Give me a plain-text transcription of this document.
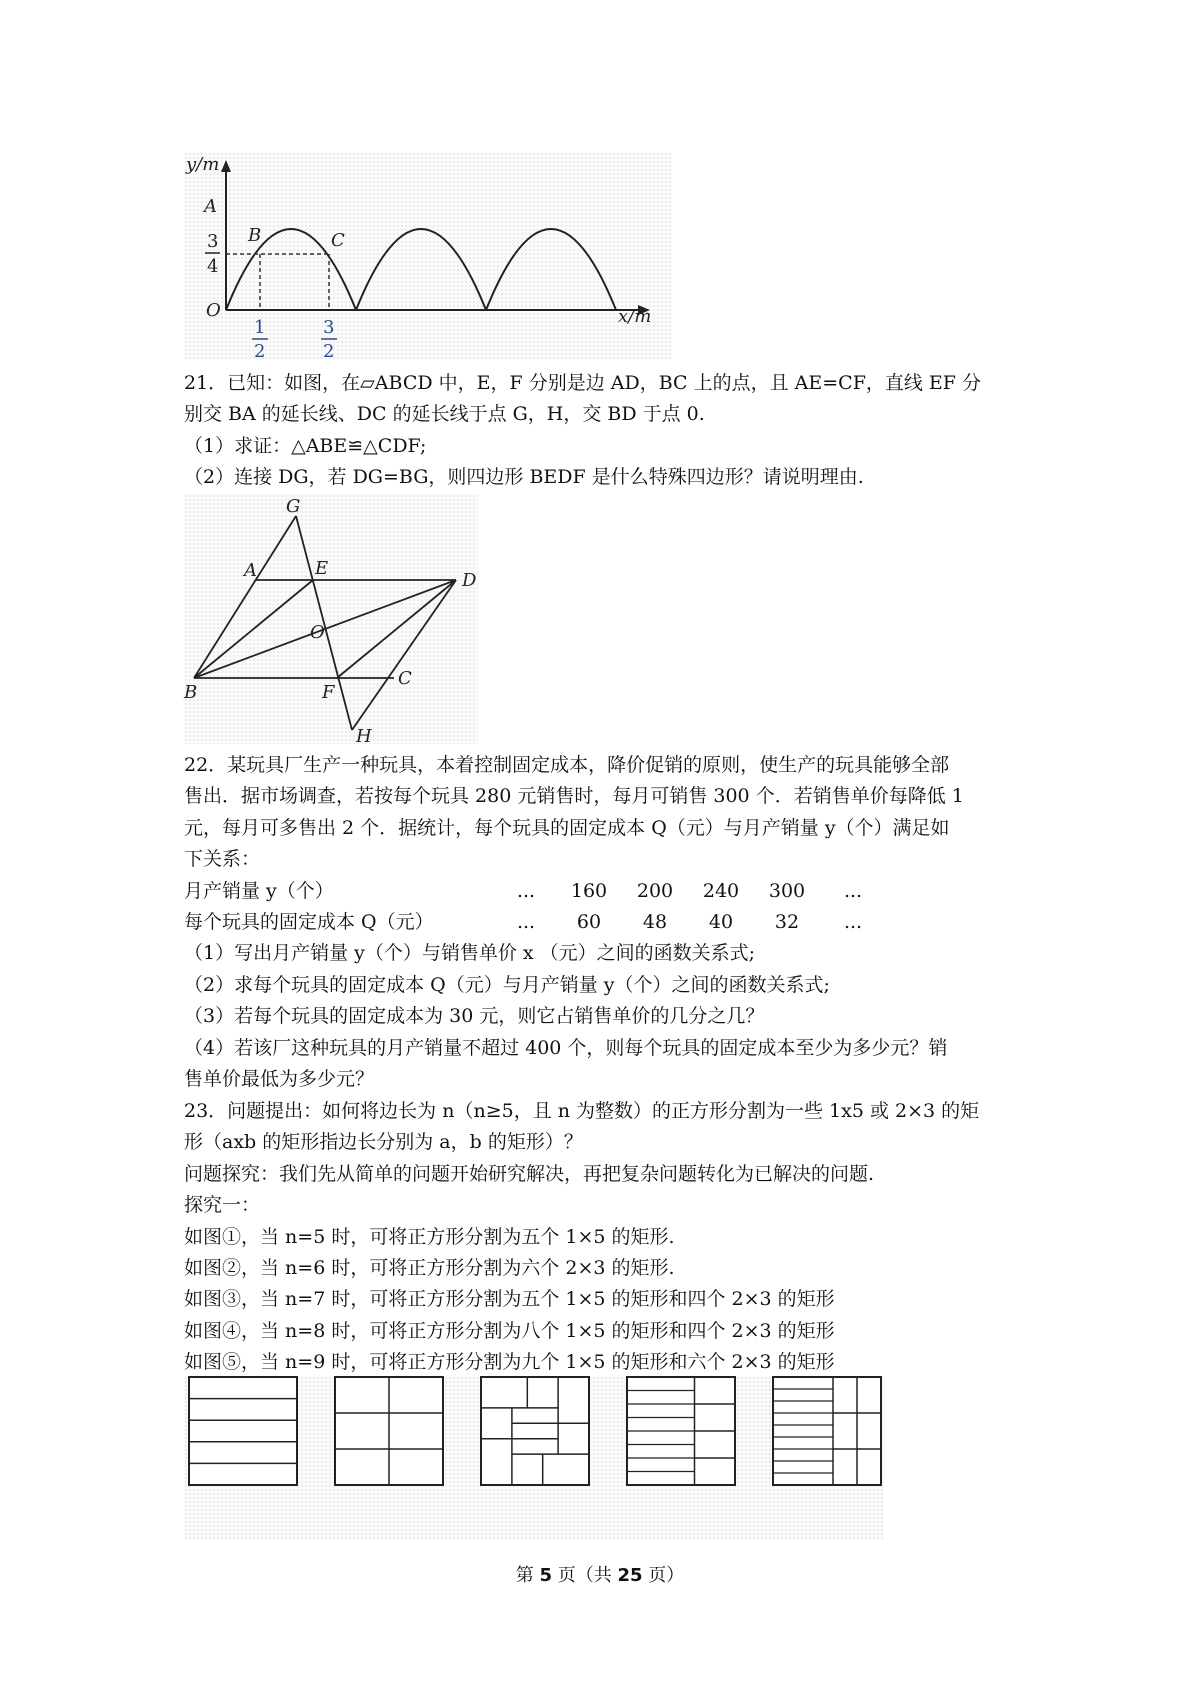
y/m
x/m
A
B	C
O
3
4
1
2
3
2

21．已知：如图，在▱ABCD 中，E，F 分别是边 AD，BC 上的点，且 AE=CF，直线 EF 分

别交 BA 的延长线、DC 的延长线于点 G，H，交 BD 于点 0.

（1）求证：△ABE≌△CDF;

（2）连接 DG，若 DG=BG，则四边形 BEDF 是什么特殊四边形？请说明理由.

G
A	E
D
O
B	F
C
H

22．某玩具厂生产一种玩具，本着控制固定成本，降价促销的原则，使生产的玩具能够全部

售出．据市场调查，若按每个玩具 280 元销售时，每月可销售 300 个．若销售单价每降低 1

元，每月可多售出 2 个．据统计，每个玩具的固定成本 Q（元）与月产销量 y（个）满足如

下关系：

月产销量 y（个）	...	160	200	240	300	...
每个玩具的固定成本 Q（元）	...	60	48	40	32	...

（1）写出月产销量 y（个）与销售单价 x （元）之间的函数关系式;

（2）求每个玩具的固定成本 Q（元）与月产销量 y（个）之间的函数关系式;

（3）若每个玩具的固定成本为 30 元，则它占销售单价的几分之几？

（4）若该厂这种玩具的月产销量不超过 400 个，则每个玩具的固定成本至少为多少元？销

售单价最低为多少元？

23．问题提出：如何将边长为 n（n≥5，且 n 为整数）的正方形分割为一些 1x5 或 2×3 的矩

形（axb 的矩形指边长分别为 a，b 的矩形）？

问题探究：我们先从简单的问题开始研究解决，再把复杂问题转化为已解决的问题.

探究一：

如图①，当 n=5 时，可将正方形分割为五个 1×5 的矩形.

如图②，当 n=6 时，可将正方形分割为六个 2×3 的矩形.

如图③，当 n=7 时，可将正方形分割为五个 1×5 的矩形和四个 2×3 的矩形

如图④，当 n=8 时，可将正方形分割为八个 1×5 的矩形和四个 2×3 的矩形

如图⑤，当 n=9 时，可将正方形分割为九个 1×5 的矩形和六个 2×3 的矩形

第 5 页（共 25 页）
